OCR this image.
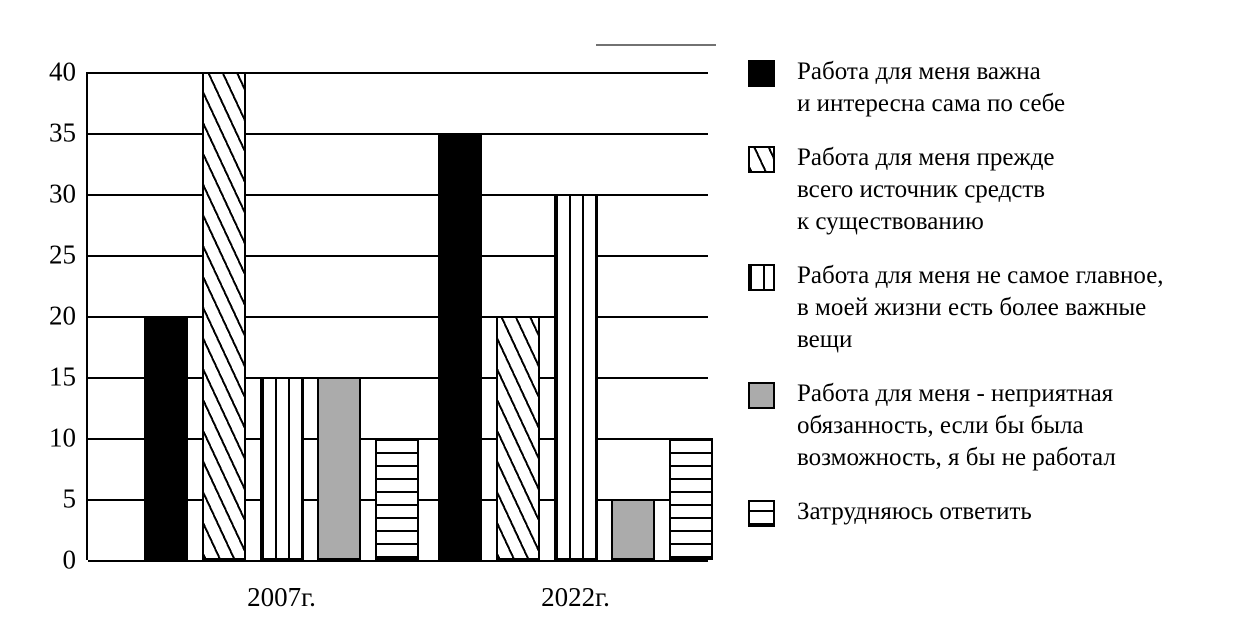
40
35
30
25
20
15
10
5
0
2007г.	2022г.
Работа для меня важна
и интересна сама по себе
Работа для меня прежде
всего источник средств
к существованию
Работа для меня не самое главное,
в моей жизни есть более важные
вещи
Работа для меня - неприятная
обязанность, если бы была
возможность, я бы не работал
Затрудняюсь ответить
